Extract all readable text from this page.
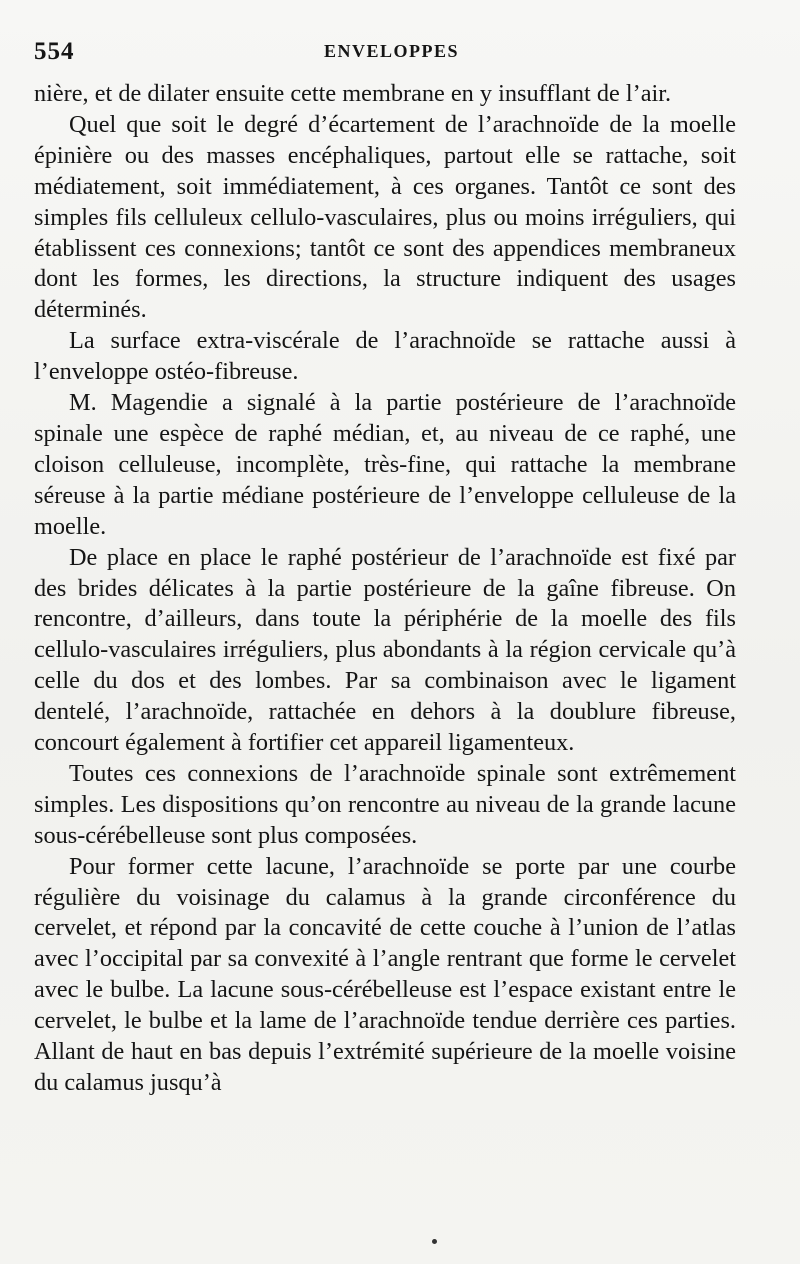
554	ENVELOPPES

nière, et de dilater ensuite cette membrane en y insufflant de l’air.

Quel que soit le degré d’écartement de l’arachnoïde de la moelle épinière ou des masses encéphaliques, partout elle se rattache, soit médiatement, soit immédiatement, à ces organes. Tantôt ce sont des simples fils celluleux cellulo-vasculaires, plus ou moins irréguliers, qui établissent ces connexions; tantôt ce sont des appendices membraneux dont les formes, les directions, la structure indiquent des usages déterminés.

La surface extra-viscérale de l’arachnoïde se rattache aussi à l’enveloppe ostéo-fibreuse.

M. Magendie a signalé à la partie postérieure de l’arachnoïde spinale une espèce de raphé médian, et, au niveau de ce raphé, une cloison celluleuse, incomplète, très-fine, qui rattache la membrane séreuse à la partie médiane postérieure de l’enveloppe celluleuse de la moelle.

De place en place le raphé postérieur de l’arachnoïde est fixé par des brides délicates à la partie postérieure de la gaîne fibreuse. On rencontre, d’ailleurs, dans toute la périphérie de la moelle des fils cellulo-vasculaires irréguliers, plus abondants à la région cervicale qu’à celle du dos et des lombes. Par sa combinaison avec le ligament dentelé, l’arachnoïde, rattachée en dehors à la doublure fibreuse, concourt également à fortifier cet appareil ligamenteux.

Toutes ces connexions de l’arachnoïde spinale sont extrêmement simples. Les dispositions qu’on rencontre au niveau de la grande lacune sous-cérébelleuse sont plus composées.

Pour former cette lacune, l’arachnoïde se porte par une courbe régulière du voisinage du calamus à la grande circonférence du cervelet, et répond par la concavité de cette couche à l’union de l’atlas avec l’occipital par sa convexité à l’angle rentrant que forme le cervelet avec le bulbe. La lacune sous-cérébelleuse est l’espace existant entre le cervelet, le bulbe et la lame de l’arachnoïde tendue derrière ces parties. Allant de haut en bas depuis l’extrémité supérieure de la moelle voisine du calamus jusqu’à
